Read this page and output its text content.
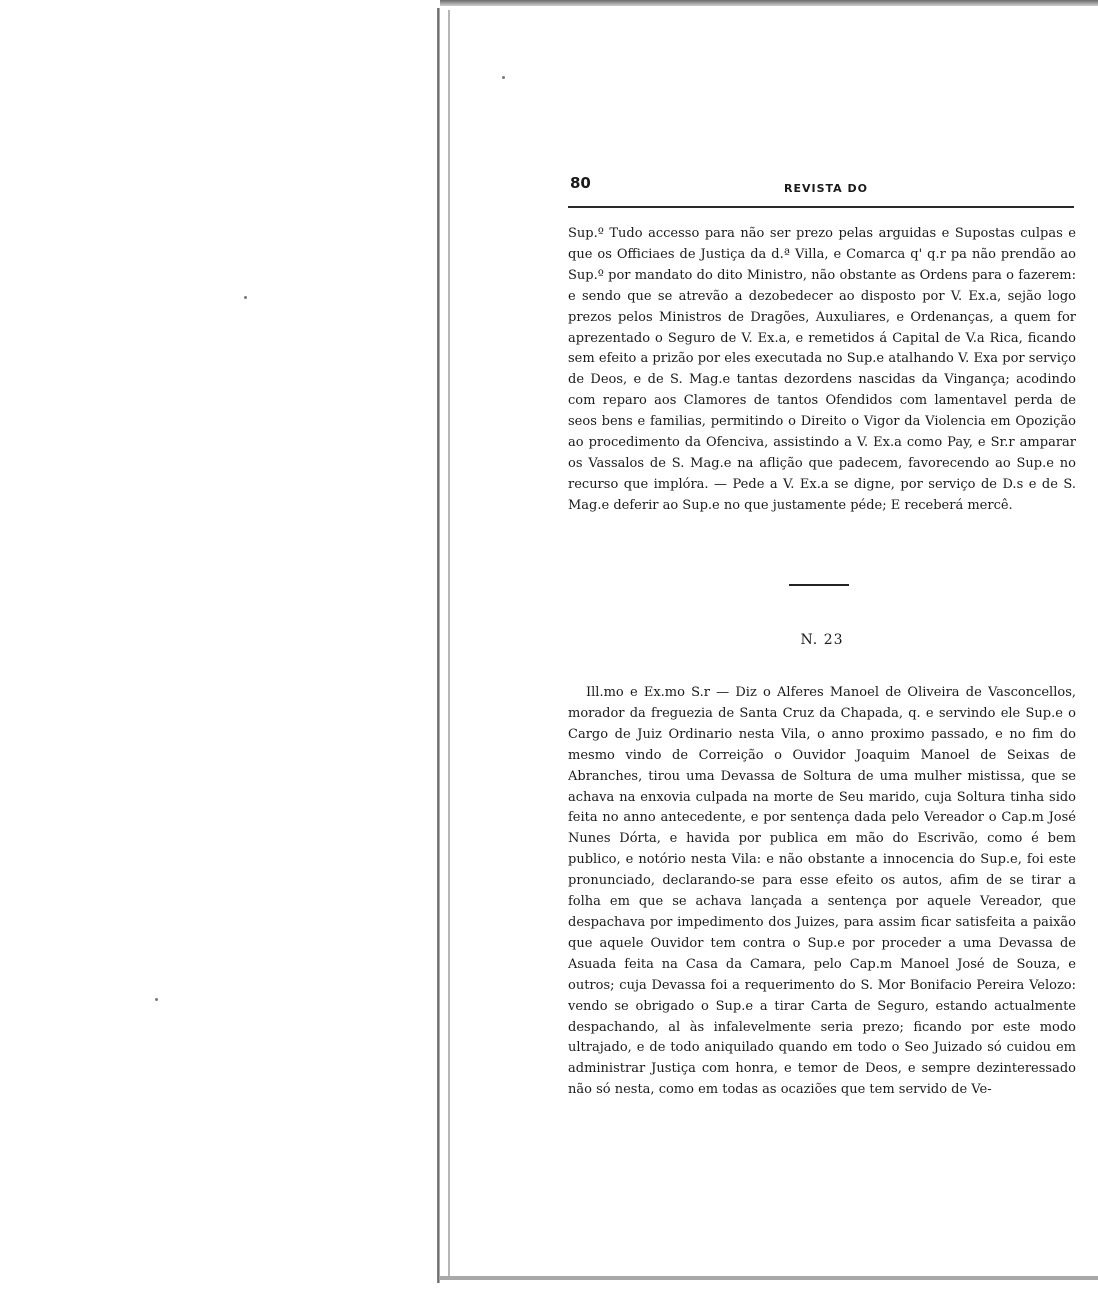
80	REVISTA DO

Sup.º Tudo accesso para não ser prezo pelas arguidas e Supostas culpas e que os Officiaes de Justiça da d.ª Villa, e Comarca q' q.r pa não prendão ao Sup.º por mandato do dito Ministro, não obstante as Ordens para o fazerem: e sendo que se atrevão a dezobedecer ao disposto por V. Ex.a, sejão logo prezos pelos Ministros de Dragões, Auxuliares, e Ordenanças, a quem for aprezentado o Seguro de V. Ex.a, e remetidos á Capital de V.a Rica, ficando sem efeito a prizão por eles executada no Sup.e atalhando V. Exa por serviço de Deos, e de S. Mag.e tantas dezordens nascidas da Vingança; acodindo com reparo aos Clamores de tantos Ofendidos com lamentavel perda de seos bens e familias, permitindo o Direito o Vigor da Violencia em Opozição ao procedimento da Ofenciva, assistindo a V. Ex.a como Pay, e Sr.r amparar os Vassalos de S. Mag.e na aflição que padecem, favorecendo ao Sup.e no recurso que implóra. — Pede a V. Ex.a se digne, por serviço de D.s e de S. Mag.e deferir ao Sup.e no que justamente péde; E receberá mercê.

N. 23

Ill.mo e Ex.mo S.r — Diz o Alferes Manoel de Oliveira de Vasconcellos, morador da freguezia de Santa Cruz da Chapada, q. e servindo ele Sup.e o Cargo de Juiz Ordinario nesta Vila, o anno proximo passado, e no fim do mesmo vindo de Correição o Ouvidor Joaquim Manoel de Seixas de Abranches, tirou uma Devassa de Soltura de uma mulher mistissa, que se achava na enxovia culpada na morte de Seu marido, cuja Soltura tinha sido feita no anno antecedente, e por sentença dada pelo Vereador o Cap.m José Nunes Dórta, e havida por publica em mão do Escrivão, como é bem publico, e notório nesta Vila: e não obstante a innocencia do Sup.e, foi este pronunciado, declarando-se para esse efeito os autos, afim de se tirar a folha em que se achava lançada a sentença por aquele Vereador, que despachava por impedimento dos Juizes, para assim ficar satisfeita a paixão que aquele Ouvidor tem contra o Sup.e por proceder a uma Devassa de Asuada feita na Casa da Camara, pelo Cap.m Manoel José de Souza, e outros; cuja Devassa foi a requerimento do S. Mor Bonifacio Pereira Velozo: vendo se obrigado o Sup.e a tirar Carta de Seguro, estando actualmente despachando, al às infalevelmente seria prezo; ficando por este modo ultrajado, e de todo aniquilado quando em todo o Seo Juizado só cuidou em administrar Justiça com honra, e temor de Deos, e sempre dezinteressado não só nesta, como em todas as ocaziões que tem servido de Ve-
